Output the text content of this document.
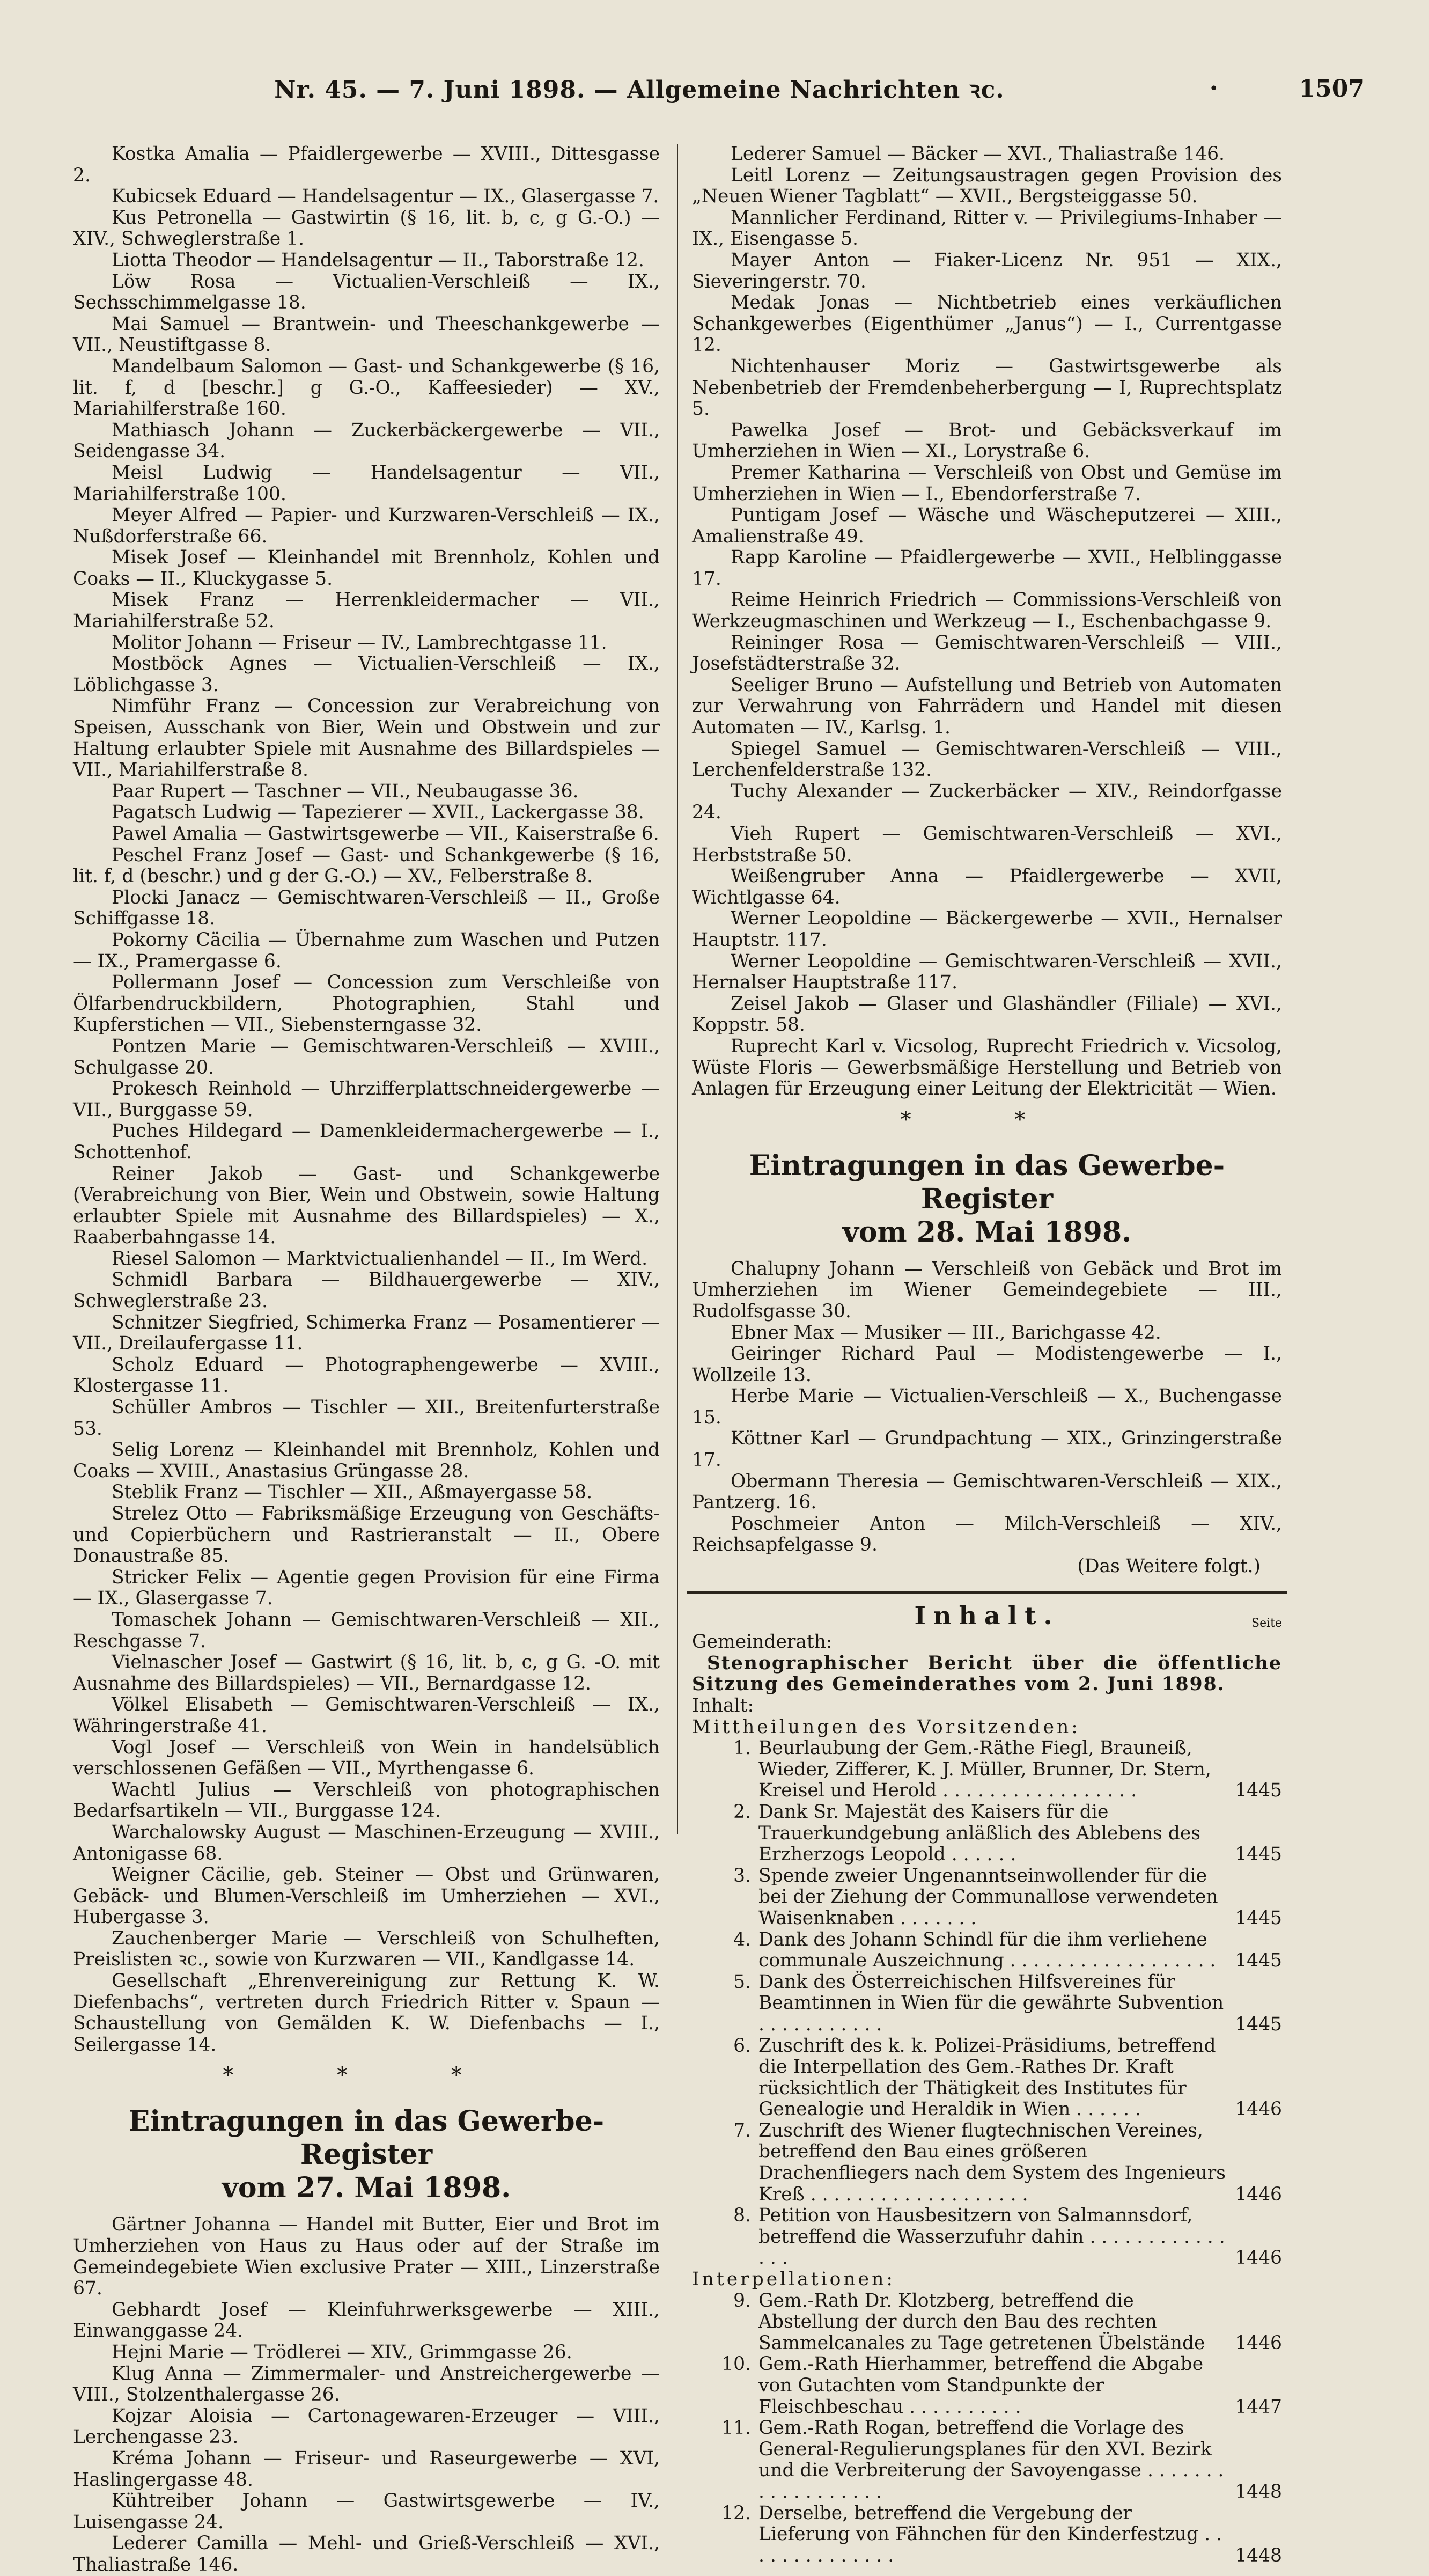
Nr. 45. — 7. Juni 1898. — Allgemeine Nachrichten ꝛc.	•	1507

Kostka Amalia — Pfaidlergewerbe — XVIII., Dittesgasse 2.

Kubicsek Eduard — Handelsagentur — IX., Glasergasse 7.

Kus Petronella — Gastwirtin (§ 16, lit. b, c, g G.-O.) — XIV., Schweglerstraße 1.

Liotta Theodor — Handelsagentur — II., Taborstraße 12.

Löw Rosa — Victualien-Verschleiß — IX., Sechsschimmelgasse 18.

Mai Samuel — Brantwein- und Theeschankgewerbe — VII., Neustiftgasse 8.

Mandelbaum Salomon — Gast- und Schankgewerbe (§ 16, lit. f, d [beschr.] g G.-O., Kaffeesieder) — XV., Mariahilferstraße 160.

Mathiasch Johann — Zuckerbäckergewerbe — VII., Seidengasse 34.

Meisl Ludwig — Handelsagentur — VII., Mariahilferstraße 100.

Meyer Alfred — Papier- und Kurzwaren-Verschleiß — IX., Nußdorferstraße 66.

Misek Josef — Kleinhandel mit Brennholz, Kohlen und Coaks — II., Kluckygasse 5.

Misek Franz — Herrenkleidermacher — VII., Mariahilferstraße 52.

Molitor Johann — Friseur — IV., Lambrechtgasse 11.

Mostböck Agnes — Victualien-Verschleiß — IX., Löblichgasse 3.

Nimführ Franz — Concession zur Verabreichung von Speisen, Ausschank von Bier, Wein und Obstwein und zur Haltung erlaubter Spiele mit Ausnahme des Billardspieles — VII., Mariahilferstraße 8.

Paar Rupert — Taschner — VII., Neubaugasse 36.

Pagatsch Ludwig — Tapezierer — XVII., Lackergasse 38.

Pawel Amalia — Gastwirtsgewerbe — VII., Kaiserstraße 6.

Peschel Franz Josef — Gast- und Schankgewerbe (§ 16, lit. f, d (beschr.) und g der G.-O.) — XV., Felberstraße 8.

Plocki Janacz — Gemischtwaren-Verschleiß — II., Große Schiffgasse 18.

Pokorny Cäcilia — Übernahme zum Waschen und Putzen — IX., Pramergasse 6.

Pollermann Josef — Concession zum Verschleiße von Ölfarbendruckbildern, Photographien, Stahl und Kupferstichen — VII., Siebensterngasse 32.

Pontzen Marie — Gemischtwaren-Verschleiß — XVIII., Schulgasse 20.

Prokesch Reinhold — Uhrzifferplattschneidergewerbe — VII., Burggasse 59.

Puches Hildegard — Damenkleidermachergewerbe — I., Schottenhof.

Reiner Jakob — Gast- und Schankgewerbe (Verabreichung von Bier, Wein und Obstwein, sowie Haltung erlaubter Spiele mit Ausnahme des Billardspieles) — X., Raaberbahngasse 14.

Riesel Salomon — Marktvictualienhandel — II., Im Werd.

Schmidl Barbara — Bildhauergewerbe — XIV., Schweglerstraße 23.

Schnitzer Siegfried, Schimerka Franz — Posamentierer — VII., Dreilaufergasse 11.

Scholz Eduard — Photographengewerbe — XVIII., Klostergasse 11.

Schüller Ambros — Tischler — XII., Breitenfurterstraße 53.

Selig Lorenz — Kleinhandel mit Brennholz, Kohlen und Coaks — XVIII., Anastasius Grüngasse 28.

Steblik Franz — Tischler — XII., Aßmayergasse 58.

Strelez Otto — Fabriksmäßige Erzeugung von Geschäfts- und Copierbüchern und Rastrieranstalt — II., Obere Donaustraße 85.

Stricker Felix — Agentie gegen Provision für eine Firma — IX., Glasergasse 7.

Tomaschek Johann — Gemischtwaren-Verschleiß — XII., Reschgasse 7.

Vielnascher Josef — Gastwirt (§ 16, lit. b, c, g G. -O. mit Ausnahme des Billardspieles) — VII., Bernardgasse 12.

Völkel Elisabeth — Gemischtwaren-Verschleiß — IX., Währingerstraße 41.

Vogl Josef — Verschleiß von Wein in handelsüblich verschlossenen Gefäßen — VII., Myrthengasse 6.

Wachtl Julius — Verschleiß von photographischen Bedarfsartikeln — VII., Burggasse 124.

Warchalowsky August — Maschinen-Erzeugung — XVIII., Antonigasse 68.

Weigner Cäcilie, geb. Steiner — Obst und Grünwaren, Gebäck- und Blumen-Verschleiß im Umherziehen — XVI., Hubergasse 3.

Zauchenberger Marie — Verschleiß von Schulheften, Preislisten ꝛc., sowie von Kurzwaren — VII., Kandlgasse 14.

Gesellschaft „Ehrenvereinigung zur Rettung K. W. Diefenbachs“, vertreten durch Friedrich Ritter v. Spaun — Schaustellung von Gemälden K. W. Diefenbachs — I., Seilergasse 14.

* * *
Eintragungen in das Gewerbe-Register
vom 27. Mai 1898.

Gärtner Johanna — Handel mit Butter, Eier und Brot im Umherziehen von Haus zu Haus oder auf der Straße im Gemeindegebiete Wien exclusive Prater — XIII., Linzerstraße 67.

Gebhardt Josef — Kleinfuhrwerksgewerbe — XIII., Einwanggasse 24.

Hejni Marie — Trödlerei — XIV., Grimmgasse 26.

Klug Anna — Zimmermaler- und Anstreichergewerbe — VIII., Stolzenthalergasse 26.

Kojzar Aloisia — Cartonagewaren-Erzeuger — VIII., Lerchengasse 23.

Kréma Johann — Friseur- und Raseurgewerbe — XVI, Haslingergasse 48.

Kühtreiber Johann — Gastwirtsgewerbe — IV., Luisengasse 24.

Lederer Camilla — Mehl- und Grieß-Verschleiß — XVI., Thaliastraße 146.

Lederer Samuel — Bäcker — XVI., Thaliastraße 146.

Leitl Lorenz — Zeitungsaustragen gegen Provision des „Neuen Wiener Tagblatt“ — XVII., Bergsteiggasse 50.

Mannlicher Ferdinand, Ritter v. — Privilegiums-Inhaber — IX., Eisengasse 5.

Mayer Anton — Fiaker-Licenz Nr. 951 — XIX., Sieveringerstr. 70.

Medak Jonas — Nichtbetrieb eines verkäuflichen Schankgewerbes (Eigenthümer „Janus“) — I., Currentgasse 12.

Nichtenhauser Moriz — Gastwirtsgewerbe als Nebenbetrieb der Fremdenbeherbergung — I, Ruprechtsplatz 5.

Pawelka Josef — Brot- und Gebäcksverkauf im Umherziehen in Wien — XI., Lorystraße 6.

Premer Katharina — Verschleiß von Obst und Gemüse im Umherziehen in Wien — I., Ebendorferstraße 7.

Puntigam Josef — Wäsche und Wäscheputzerei — XIII., Amalienstraße 49.

Rapp Karoline — Pfaidlergewerbe — XVII., Helblinggasse 17.

Reime Heinrich Friedrich — Commissions-Verschleiß von Werkzeugmaschinen und Werkzeug — I., Eschenbachgasse 9.

Reininger Rosa — Gemischtwaren-Verschleiß — VIII., Josefstädterstraße 32.

Seeliger Bruno — Aufstellung und Betrieb von Automaten zur Verwahrung von Fahrrädern und Handel mit diesen Automaten — IV., Karlsg. 1.

Spiegel Samuel — Gemischtwaren-Verschleiß — VIII., Lerchenfelderstraße 132.

Tuchy Alexander — Zuckerbäcker — XIV., Reindorfgasse 24.

Vieh Rupert — Gemischtwaren-Verschleiß — XVI., Herbststraße 50.

Weißengruber Anna — Pfaidlergewerbe — XVII, Wichtlgasse 64.

Werner Leopoldine — Bäckergewerbe — XVII., Hernalser Hauptstr. 117.

Werner Leopoldine — Gemischtwaren-Verschleiß — XVII., Hernalser Hauptstraße 117.

Zeisel Jakob — Glaser und Glashändler (Filiale) — XVI., Koppstr. 58.

Ruprecht Karl v. Vicsolog, Ruprecht Friedrich v. Vicsolog, Wüste Floris — Gewerbsmäßige Herstellung und Betrieb von Anlagen für Erzeugung einer Leitung der Elektricität — Wien.

* *
Eintragungen in das Gewerbe-Register
vom 28. Mai 1898.

Chalupny Johann — Verschleiß von Gebäck und Brot im Umherziehen im Wiener Gemeindegebiete — III., Rudolfsgasse 30.

Ebner Max — Musiker — III., Barichgasse 42.

Geiringer Richard Paul — Modistengewerbe — I., Wollzeile 13.

Herbe Marie — Victualien-Verschleiß — X., Buchengasse 15.

Köttner Karl — Grundpachtung — XIX., Grinzingerstraße 17.

Obermann Theresia — Gemischtwaren-Verschleiß — XIX., Pantzerg. 16.

Poschmeier Anton — Milch-Verschleiß — XIV., Reichsapfelgasse 9.

(Das Weitere folgt.)

Inhalt.	Seite

Gemeinderath:

Stenographischer Bericht über die öffentliche Sitzung des Gemeinderathes vom 2. Juni 1898.

Inhalt:

Mittheilungen des Vorsitzenden:

1. Beurlaubung der Gem.-Räthe Fiegl, Brauneiß, Wieder, Zifferer, K. J. Müller, Brunner, Dr. Stern, Kreisel und Herold . . . . . . . . . . . . . . . . .	1445
2. Dank Sr. Majestät des Kaisers für die Trauerkundgebung anläßlich des Ablebens des Erzherzogs Leopold . . . . . .	1445
3. Spende zweier Ungenanntseinwollender für die bei der Ziehung der Communallose verwendeten Waisenknaben . . . . . . .	1445
4. Dank des Johann Schindl für die ihm verliehene communale Auszeichnung . . . . . . . . . . . . . . . . . . 1445
5. Dank des Österreichischen Hilfsvereines für Beamtinnen in Wien für die gewährte Subvention . . . . . . . . . . .	1445
6. Zuschrift des k. k. Polizei-Präsidiums, betreffend die Interpellation des Gem.-Rathes Dr. Kraft rücksichtlich der Thätigkeit des Institutes für Genealogie und Heraldik in Wien . . . . . .	1446
7. Zuschrift des Wiener flugtechnischen Vereines, betreffend den Bau eines größeren Drachenfliegers nach dem System des Ingenieurs Kreß . . . . . . . . . . . . . . . . . . .	1446
8. Petition von Hausbesitzern von Salmannsdorf, betreffend die Wasserzufuhr dahin . . . . . . . . . . . . . . .	1446

Interpellationen:

9. Gem.-Rath Dr. Klotzberg, betreffend die Abstellung der durch den Bau des rechten Sammelcanales zu Tage getretenen Übelstände 1446
10. Gem.-Rath Hierhammer, betreffend die Abgabe von Gutachten vom Standpunkte der Fleischbeschau . . . . . . . . . .	1447
11. Gem.-Rath Rogan, betreffend die Vorlage des General-Regulierungsplanes für den XVI. Bezirk und die Verbreiterung der Savoyengasse . . . . . . . . . . . . . . . . . .	1448
12. Derselbe, betreffend die Vergebung der Lieferung von Fähnchen für den Kinderfestzug . . . . . . . . . . . . . .	1448
